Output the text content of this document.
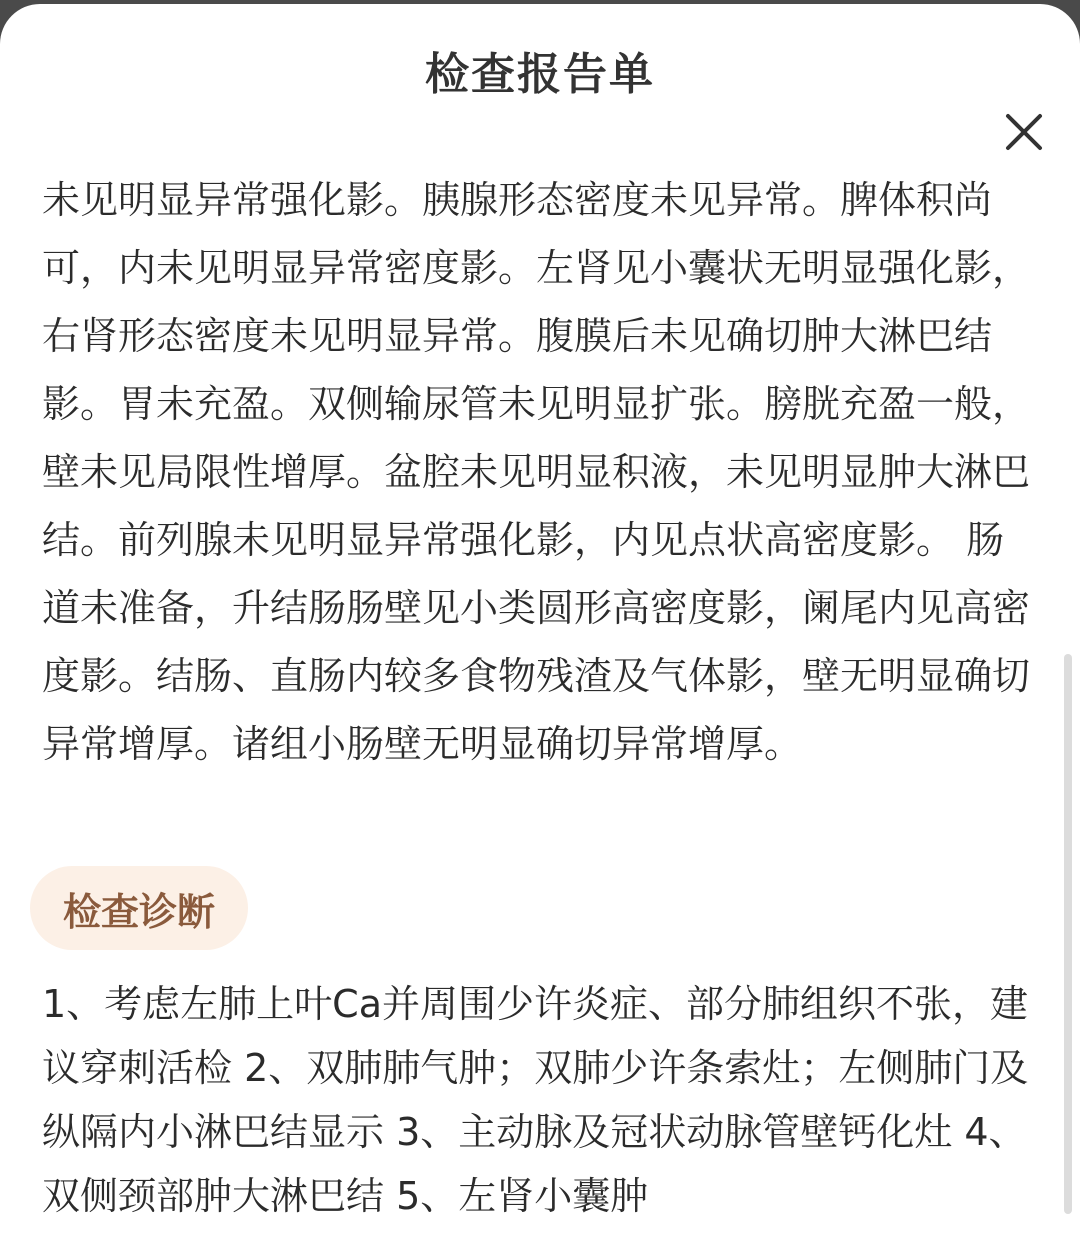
检查报告单
未见明显异常强化影。胰腺形态密度未见异常。脾体积尚可，内未见明显异常密度影。左肾见小囊状无明显强化影，右肾形态密度未见明显异常。腹膜后未见确切肿大淋巴结影。胃未充盈。双侧输尿管未见明显扩张。膀胱充盈一般，壁未见局限性增厚。盆腔未见明显积液，未见明显肿大淋巴结。前列腺未见明显异常强化影，内见点状高密度影。 肠道未准备，升结肠肠壁见小类圆形高密度影，阑尾内见高密度影。结肠、直肠内较多食物残渣及气体影，壁无明显确切异常增厚。诸组小肠壁无明显确切异常增厚。
检查诊断
1、考虑左肺上叶Ca并周围少许炎症、部分肺组织不张，建议穿刺活检 2、双肺肺气肿；双肺少许条索灶；左侧肺门及纵隔内小淋巴结显示 3、主动脉及冠状动脉管壁钙化灶 4、双侧颈部肿大淋巴结 5、左肾小囊肿
